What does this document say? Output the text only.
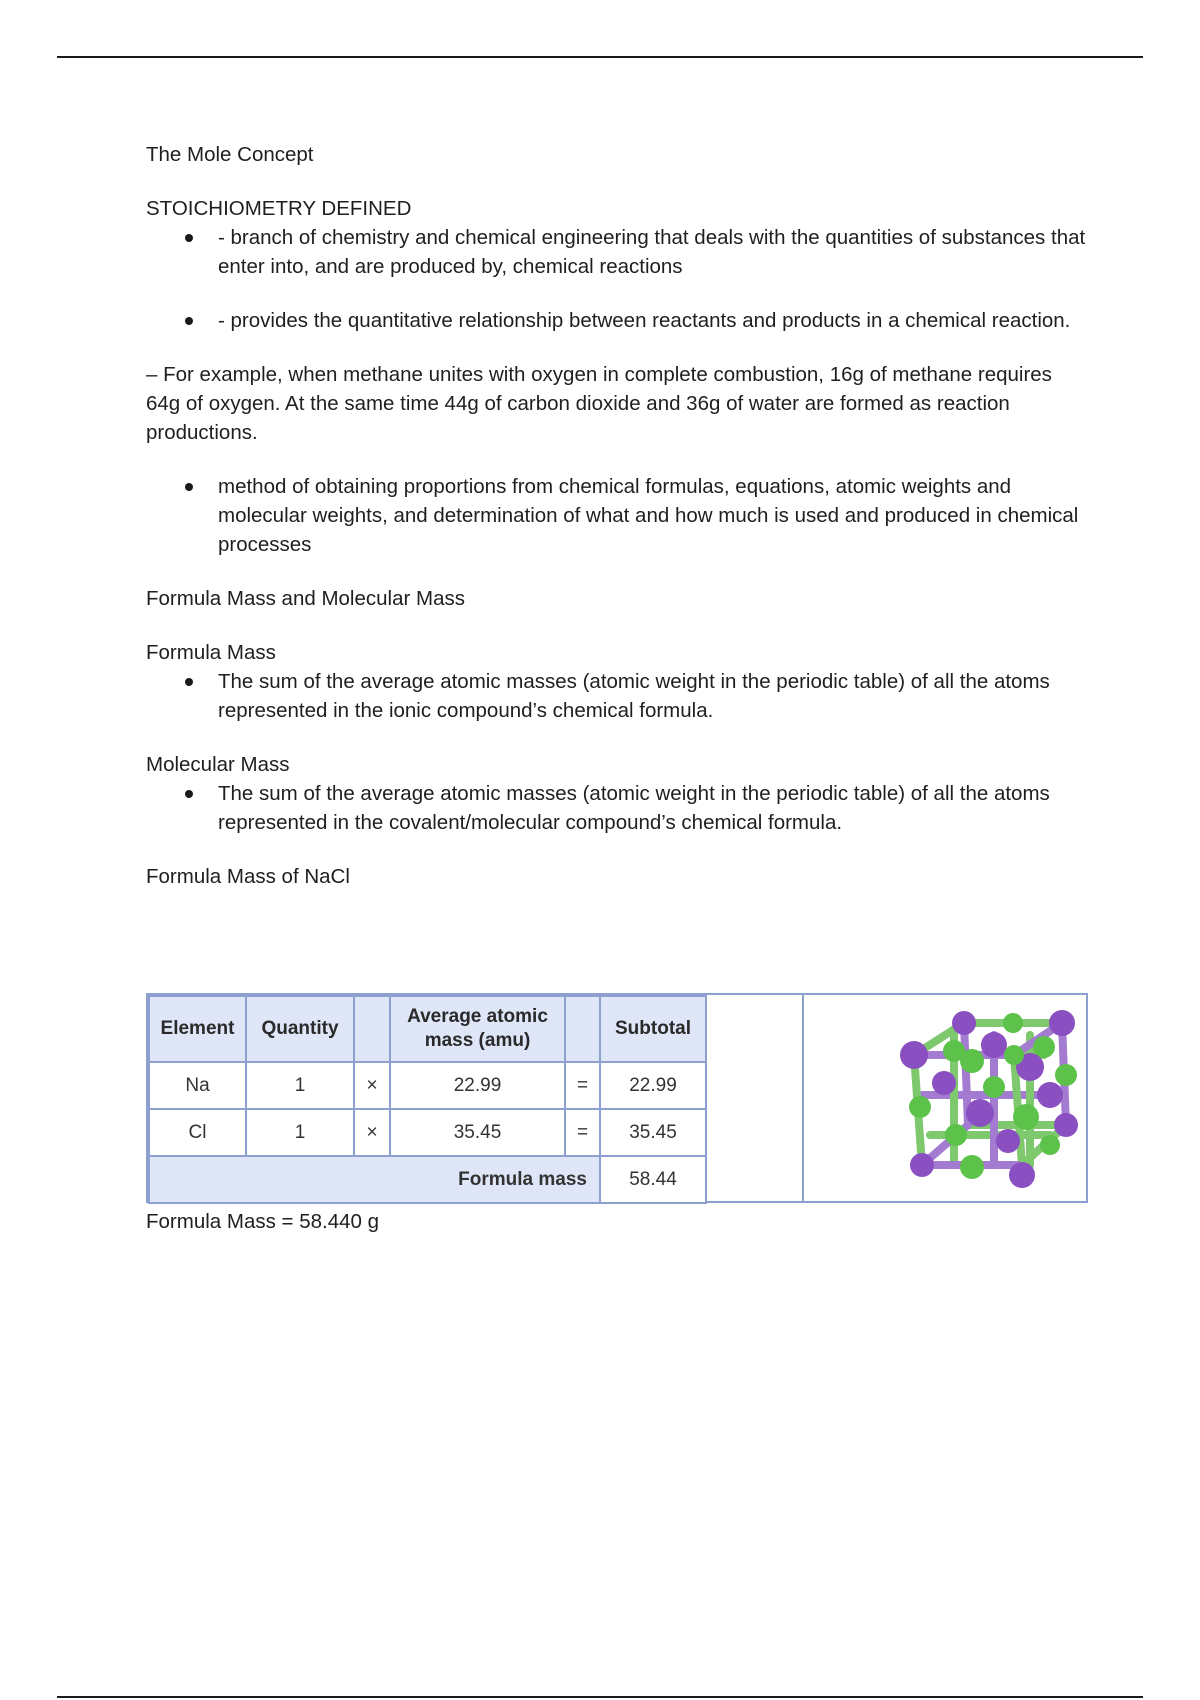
The Mole Concept

STOICHIOMETRY DEFINED

- branch of chemistry and chemical engineering that deals with the quantities of substances that enter into, and are produced by, chemical reactions
- provides the quantitative relationship between reactants and products in a chemical reaction.

– For example, when methane unites with oxygen in complete combustion, 16g of methane requires 64g of oxygen. At the same time 44g of carbon dioxide and 36g of water are formed as reaction productions.

method of obtaining proportions from chemical formulas, equations, atomic weights and molecular weights, and determination of what and how much is used and produced in chemical processes

Formula Mass and Molecular Mass

Formula Mass

The sum of the average atomic masses (atomic weight in the periodic table) of all the atoms represented in the ionic compound’s chemical formula.

Molecular Mass

The sum of the average atomic masses (atomic weight in the periodic table) of all the atoms represented in the covalent/molecular compound’s chemical formula.

Formula Mass of NaCl

Element	Quantity		Average atomic mass (amu)		Subtotal
Na	1	×	22.99	=	22.99
Cl	1	×	35.45	=	35.45
Formula mass					58.44
Formula Mass = 58.440 g
